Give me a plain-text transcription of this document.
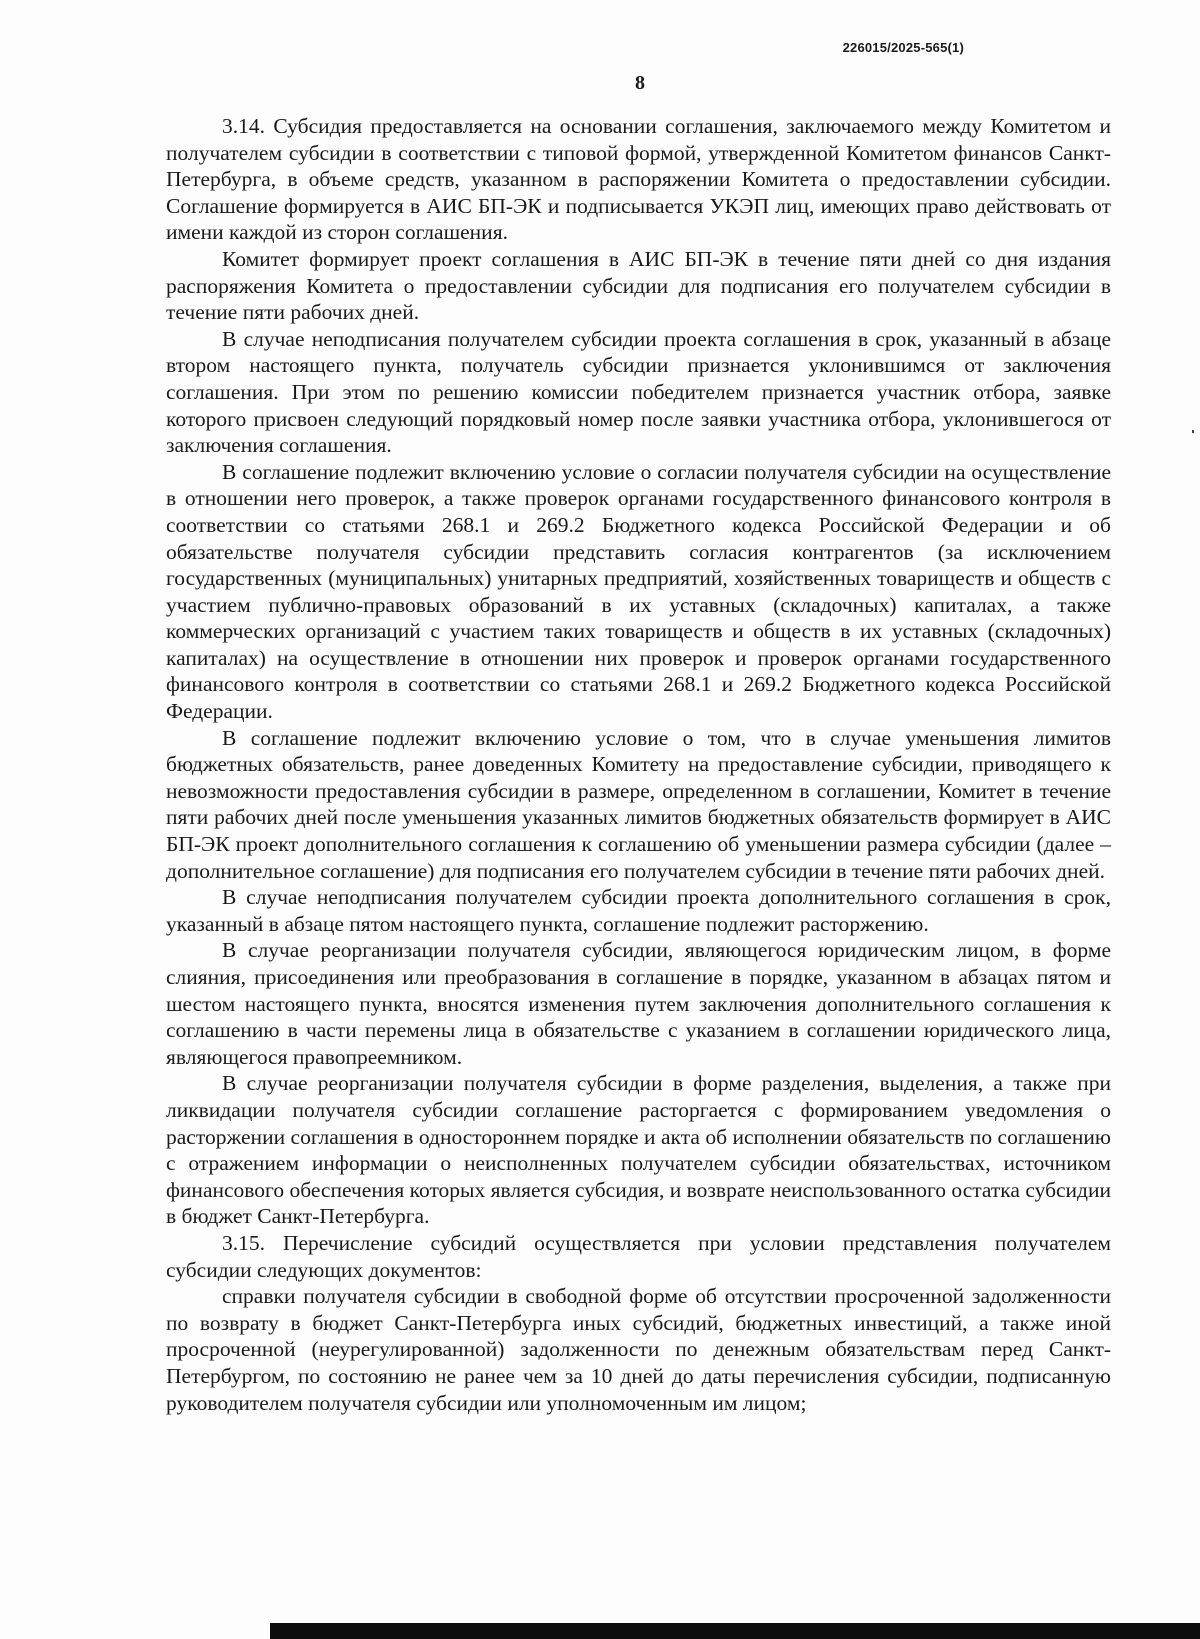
226015/2025-565(1)
8

3.14. Субсидия предоставляется на основании соглашения, заключаемого между Комитетом и получателем субсидии в соответствии с типовой формой, утвержденной Комитетом финансов Санкт-Петербурга, в объеме средств, указанном в распоряжении Комитета о предоставлении субсидии. Соглашение формируется в АИС БП-ЭК и подписывается УКЭП лиц, имеющих право действовать от имени каждой из сторон соглашения.

Комитет формирует проект соглашения в АИС БП-ЭК в течение пяти дней со дня издания распоряжения Комитета о предоставлении субсидии для подписания его получателем субсидии в течение пяти рабочих дней.

В случае неподписания получателем субсидии проекта соглашения в срок, указанный в абзаце втором настоящего пункта, получатель субсидии признается уклонившимся от заключения соглашения. При этом по решению комиссии победителем признается участник отбора, заявке которого присвоен следующий порядковый номер после заявки участника отбора, уклонившегося от заключения соглашения.

В соглашение подлежит включению условие о согласии получателя субсидии на осуществление в отношении него проверок, а также проверок органами государственного финансового контроля в соответствии со статьями 268.1 и 269.2 Бюджетного кодекса Российской Федерации и об обязательстве получателя субсидии представить согласия контрагентов (за исключением государственных (муниципальных) унитарных предприятий, хозяйственных товариществ и обществ с участием публично-правовых образований в их уставных (складочных) капиталах, а также коммерческих организаций с участием таких товариществ и обществ в их уставных (складочных) капиталах) на осуществление в отношении них проверок и проверок органами государственного финансового контроля в соответствии со статьями 268.1 и 269.2 Бюджетного кодекса Российской Федерации.

В соглашение подлежит включению условие о том, что в случае уменьшения лимитов бюджетных обязательств, ранее доведенных Комитету на предоставление субсидии, приводящего к невозможности предоставления субсидии в размере, определенном в соглашении, Комитет в течение пяти рабочих дней после уменьшения указанных лимитов бюджетных обязательств формирует в АИС БП-ЭК проект дополнительного соглашения к соглашению об уменьшении размера субсидии (далее – дополнительное соглашение) для подписания его получателем субсидии в течение пяти рабочих дней.

В случае неподписания получателем субсидии проекта дополнительного соглашения в срок, указанный в абзаце пятом настоящего пункта, соглашение подлежит расторжению.

В случае реорганизации получателя субсидии, являющегося юридическим лицом, в форме слияния, присоединения или преобразования в соглашение в порядке, указанном в абзацах пятом и шестом настоящего пункта, вносятся изменения путем заключения дополнительного соглашения к соглашению в части перемены лица в обязательстве с указанием в соглашении юридического лица, являющегося правопреемником.

В случае реорганизации получателя субсидии в форме разделения, выделения, а также при ликвидации получателя субсидии соглашение расторгается с формированием уведомления о расторжении соглашения в одностороннем порядке и акта об исполнении обязательств по соглашению с отражением информации о неисполненных получателем субсидии обязательствах, источником финансового обеспечения которых является субсидия, и возврате неиспользованного остатка субсидии в бюджет Санкт-Петербурга.

3.15. Перечисление субсидий осуществляется при условии представления получателем субсидии следующих документов:

справки получателя субсидии в свободной форме об отсутствии просроченной задолженности по возврату в бюджет Санкт-Петербурга иных субсидий, бюджетных инвестиций, а также иной просроченной (неурегулированной) задолженности по денежным обязательствам перед Санкт-Петербургом, по состоянию не ранее чем за 10 дней до даты перечисления субсидии, подписанную руководителем получателя субсидии или уполномоченным им лицом;
